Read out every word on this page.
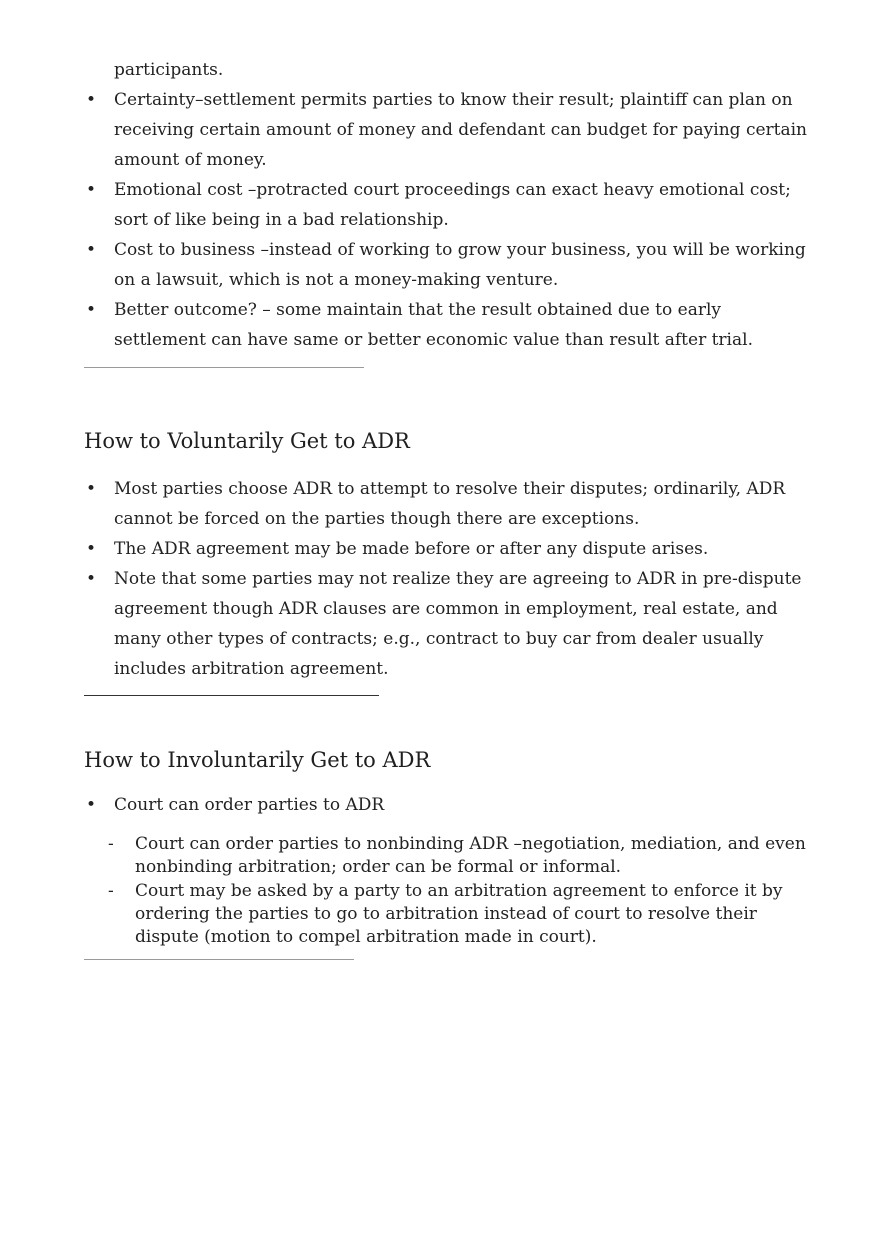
participants.

• Certainty–settlement permits parties to know their result; plaintiff can plan on receiving certain amount of money and defendant can budget for paying certain amount of money.
• Emotional cost –protracted court proceedings can exact heavy emotional cost; sort of like being in a bad relationship.
• Cost to business –instead of working to grow your business, you will be working on a lawsuit, which is not a money-making venture.
• Better outcome? – some maintain that the result obtained due to early settlement can have same or better economic value than result after trial.
How to Voluntarily Get to ADR
• Most parties choose ADR to attempt to resolve their disputes; ordinarily, ADR cannot be forced on the parties though there are exceptions.
• The ADR agreement may be made before or after any dispute arises.
• Note that some parties may not realize they are agreeing to ADR in pre-dispute agreement though ADR clauses are common in employment, real estate, and many other types of contracts; e.g., contract to buy car from dealer usually includes arbitration agreement.
How to Involuntarily Get to ADR
• Court can order parties to ADR
- Court can order parties to nonbinding ADR –negotiation, mediation, and even nonbinding arbitration; order can be formal or informal.
- Court may be asked by a party to an arbitration agreement to enforce it by ordering the parties to go to arbitration instead of court to resolve their dispute (motion to compel arbitration made in court).
